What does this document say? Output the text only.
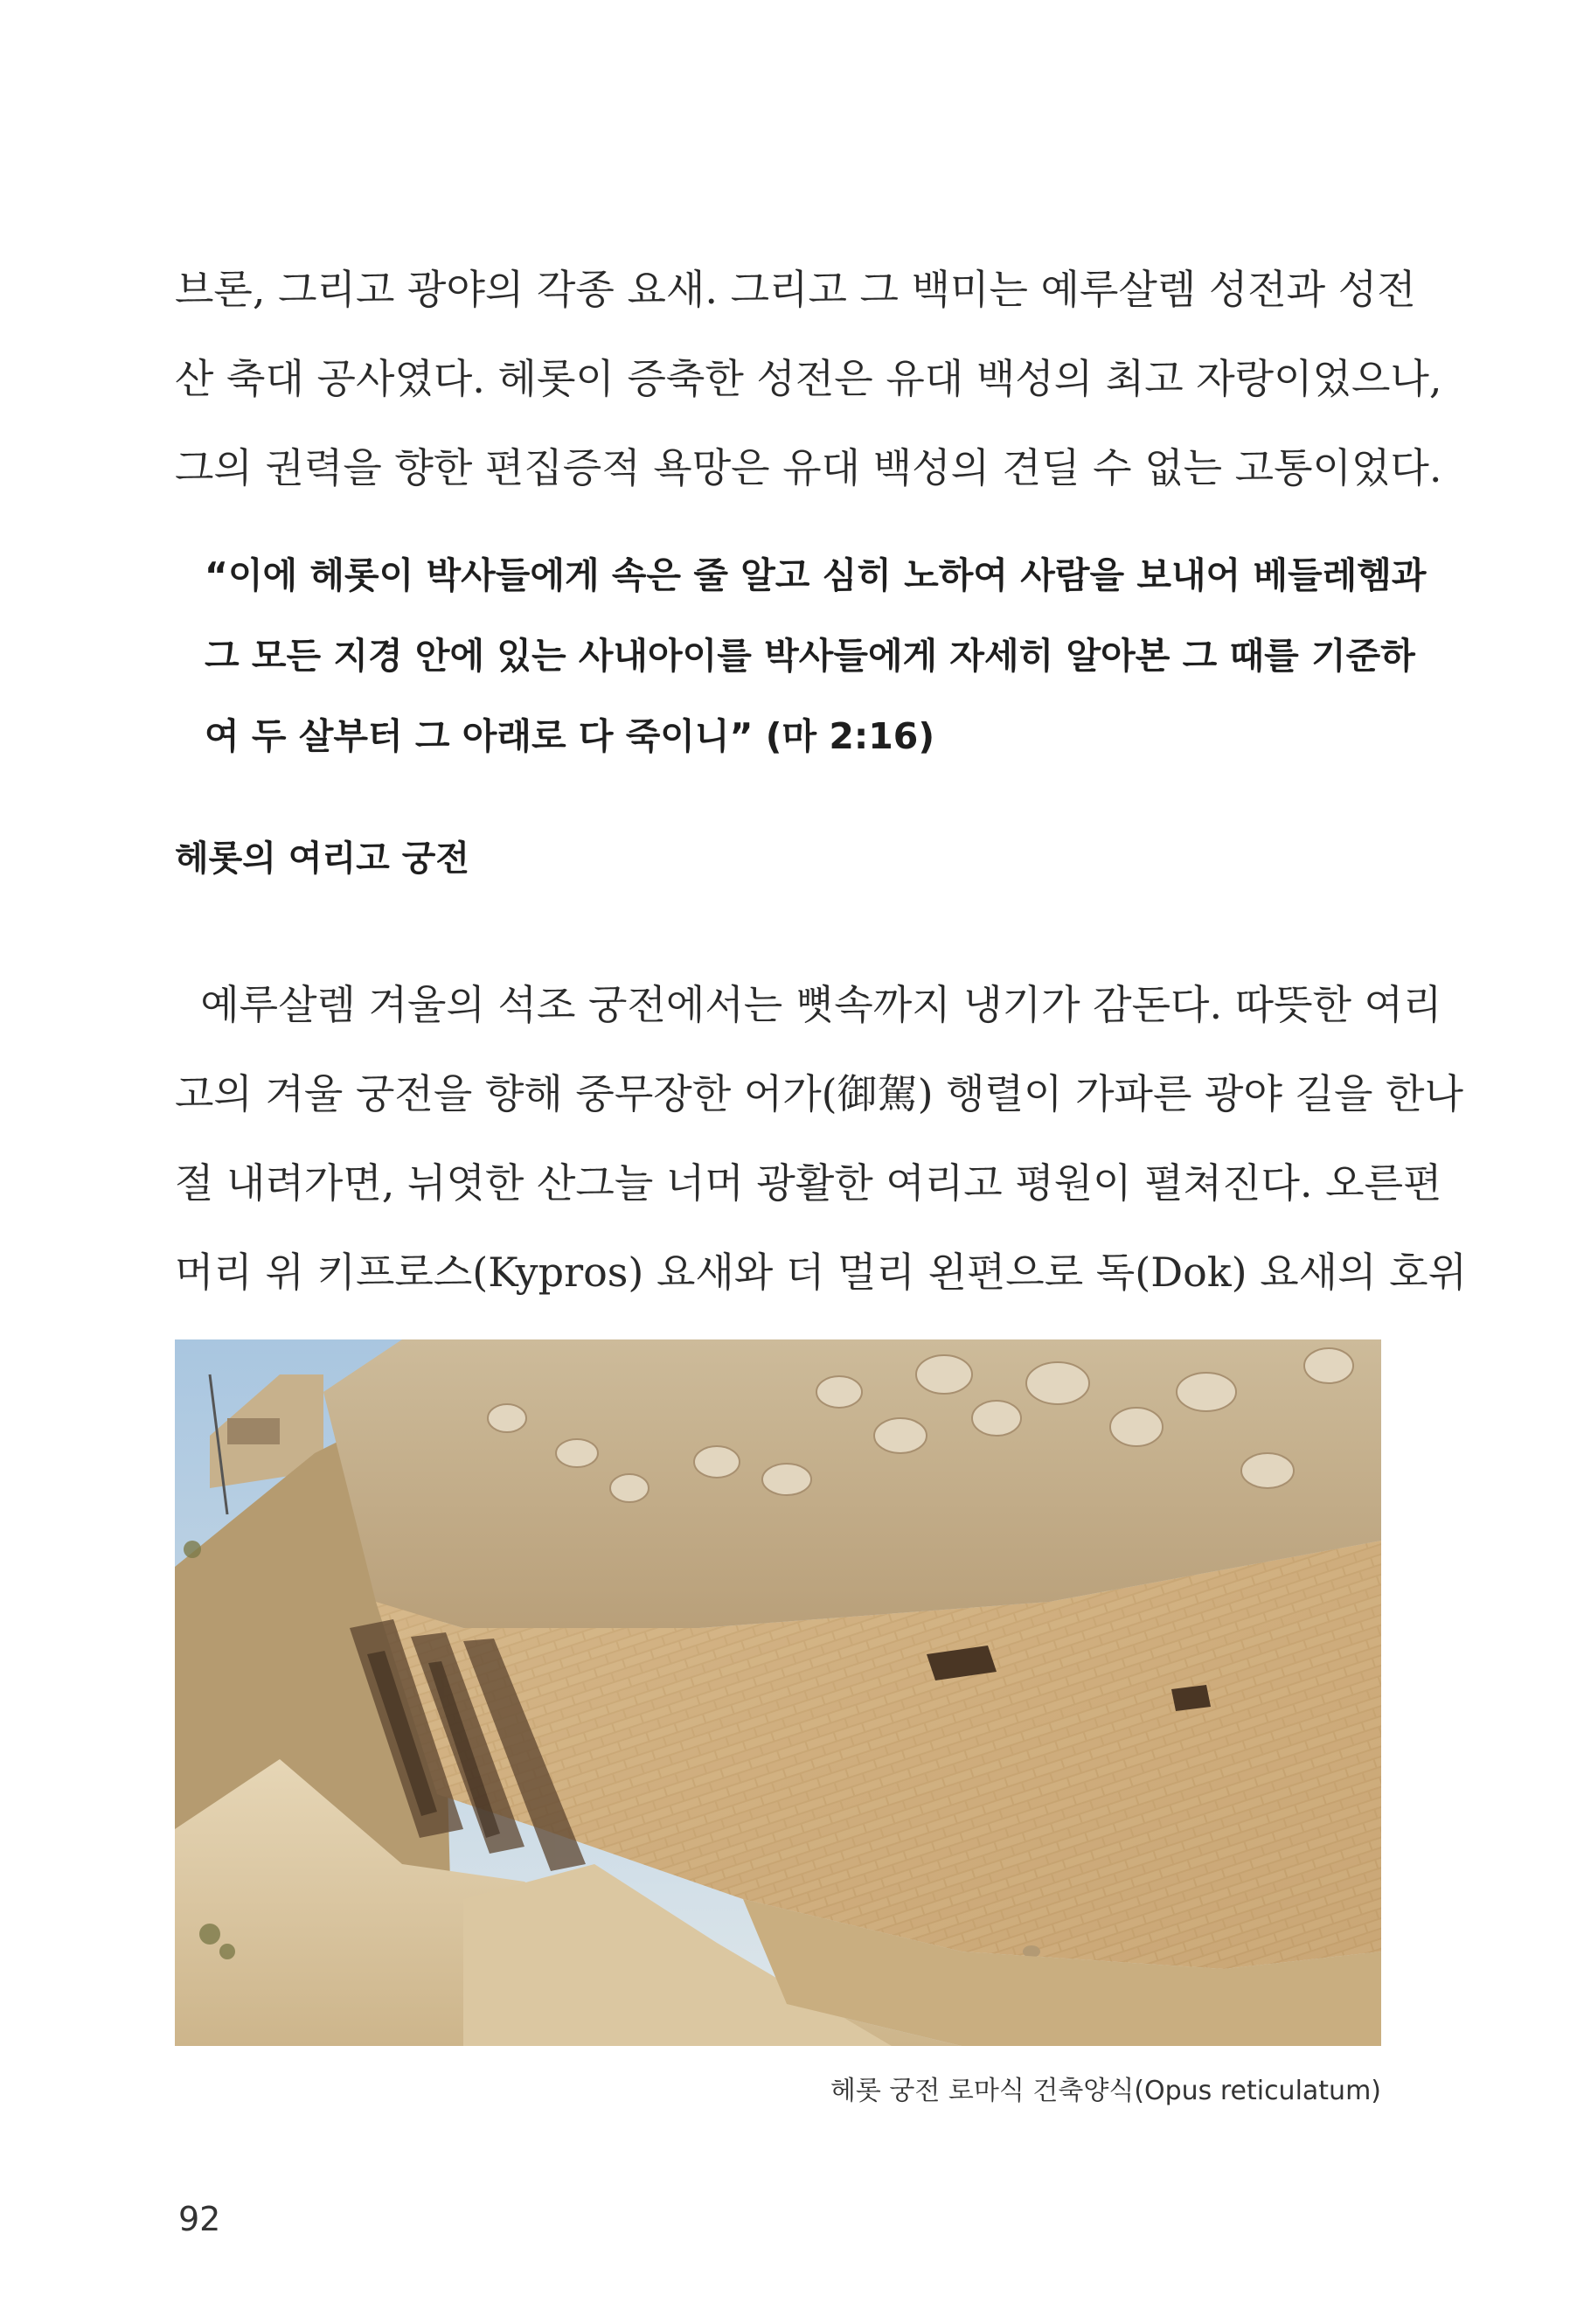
브론, 그리고 광야의 각종 요새. 그리고 그 백미는 예루살렘 성전과 성전
산 축대 공사였다. 헤롯이 증축한 성전은 유대 백성의 최고 자랑이었으나,
그의 권력을 향한 편집증적 욕망은 유대 백성의 견딜 수 없는 고통이었다.
“이에 헤롯이 박사들에게 속은 줄 알고 심히 노하여 사람을 보내어 베들레헴과
그 모든 지경 안에 있는 사내아이를 박사들에게 자세히 알아본 그 때를 기준하
여 두 살부터 그 아래로 다 죽이니” (마 2:16)
헤롯의 여리고 궁전
예루살렘 겨울의 석조 궁전에서는 뼛속까지 냉기가 감돈다. 따뜻한 여리
고의 겨울 궁전을 향해 중무장한 어가(御駕) 행렬이 가파른 광야 길을 한나
절 내려가면, 뉘엿한 산그늘 너머 광활한 여리고 평원이 펼쳐진다. 오른편
머리 위 키프로스(Kypros) 요새와 더 멀리 왼편으로 독(Dok) 요새의 호위

헤롯 궁전 로마식 건축양식(Opus reticulatum)

92
